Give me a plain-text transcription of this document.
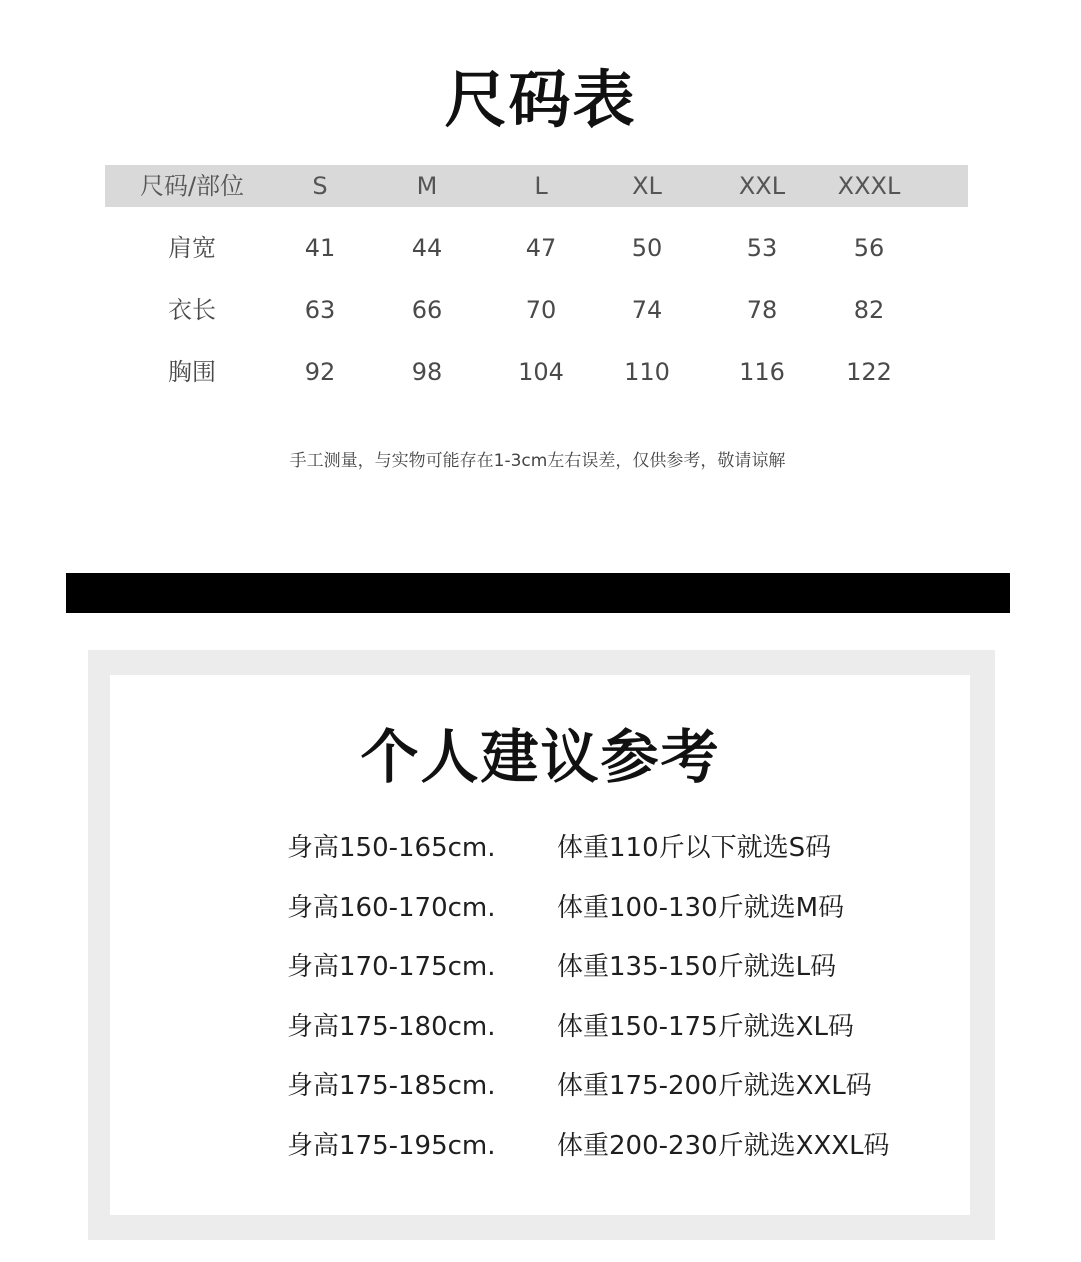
尺码表
尺码/部位	S	M	L	XL	XXL	XXXL
肩宽	41	44	47	50	53	56
衣长	63	66	70	74	78	82
胸围	92	98	104	110	116	122
手工测量，与实物可能存在1-3cm左右误差，仅供参考，敬请谅解
个人建议参考
身高150-165cm. 体重110斤以下就选S码
身高160-170cm. 体重100-130斤就选M码
身高170-175cm. 体重135-150斤就选L码
身高175-180cm. 体重150-175斤就选XL码
身高175-185cm. 体重175-200斤就选XXL码
身高175-195cm. 体重200-230斤就选XXXL码
